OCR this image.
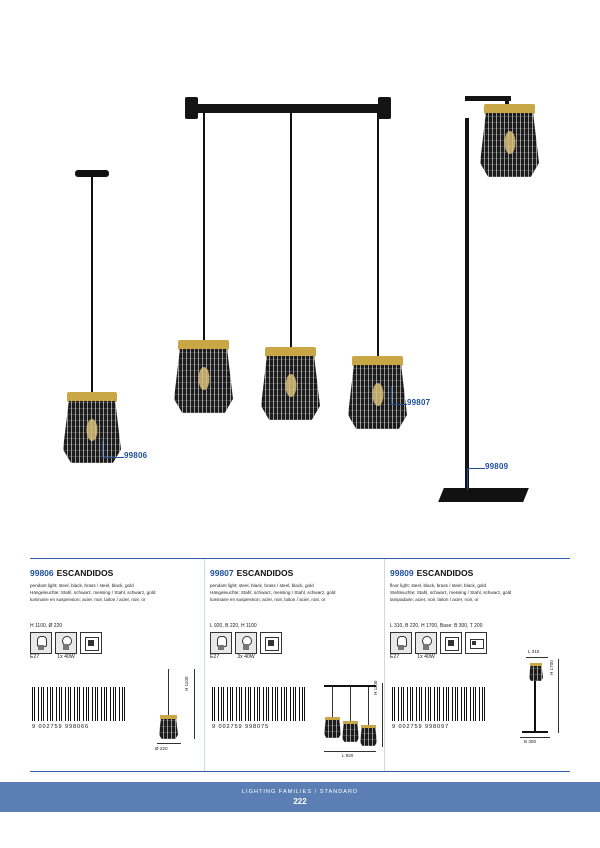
99806
99807
99809

99806 ESCANDIDOS

pendant light; steel, black, brass / steel, black, gold
Hängeleuchte; Stahl, schwarz, messing / Stahl, schwarz, gold
luminaire en suspension; acier, noir, laiton / acier, noir, or
H 1100, Ø 220
E27	1x 40W
9 002759 998066
H 1100
Ø 220

99807 ESCANDIDOS

pendant light; steel, black, brass / steel, black, gold
Hängeleuchte; Stahl, schwarz, messing / Stahl, schwarz, gold
luminaire en suspension; acier, noir, laiton / acier, noir, or
L 920, B 220, H 1100
E27	3x 40W
9 002759 998075
H 1100
L 920

99809 ESCANDIDOS

floor light; steel, black, brass / steel, black, gold
Stehleuchte; Stahl, schwarz, messing / Stahl, schwarz, gold
lampadaire; acier, noir, laiton / acier, noir, or
L 310, B 220, H 1700, Base: B 300, T 200
E27	1x 40W
9 002759 998097
L 310
H 1700
B 300
LIGHTING FAMILIES / STANDARD
222
